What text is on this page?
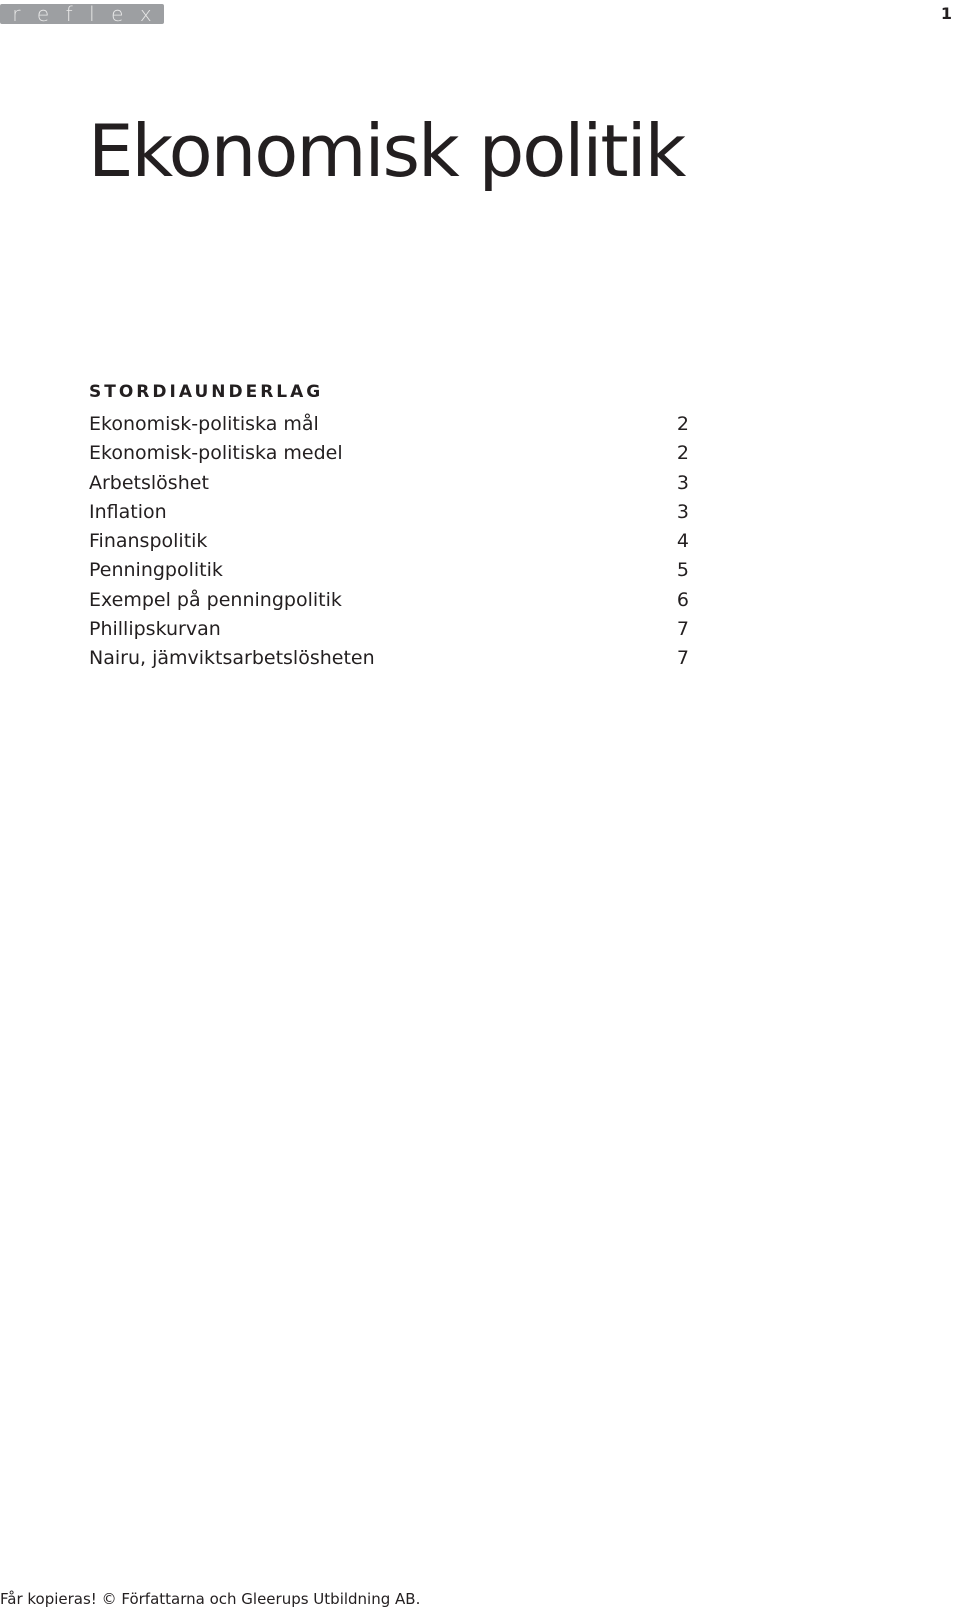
r e f l e x	1
Ekonomisk politik
STORDIAUNDERLAG
Ekonomisk-politiska mål	2
Ekonomisk-politiska medel	2
Arbetslöshet	3
Inflation	3
Finanspolitik	4
Penningpolitik	5
Exempel på penningpolitik	6
Phillipskurvan	7
Nairu, jämviktsarbetslösheten	7
Får kopieras! © Författarna och Gleerups Utbildning AB.
